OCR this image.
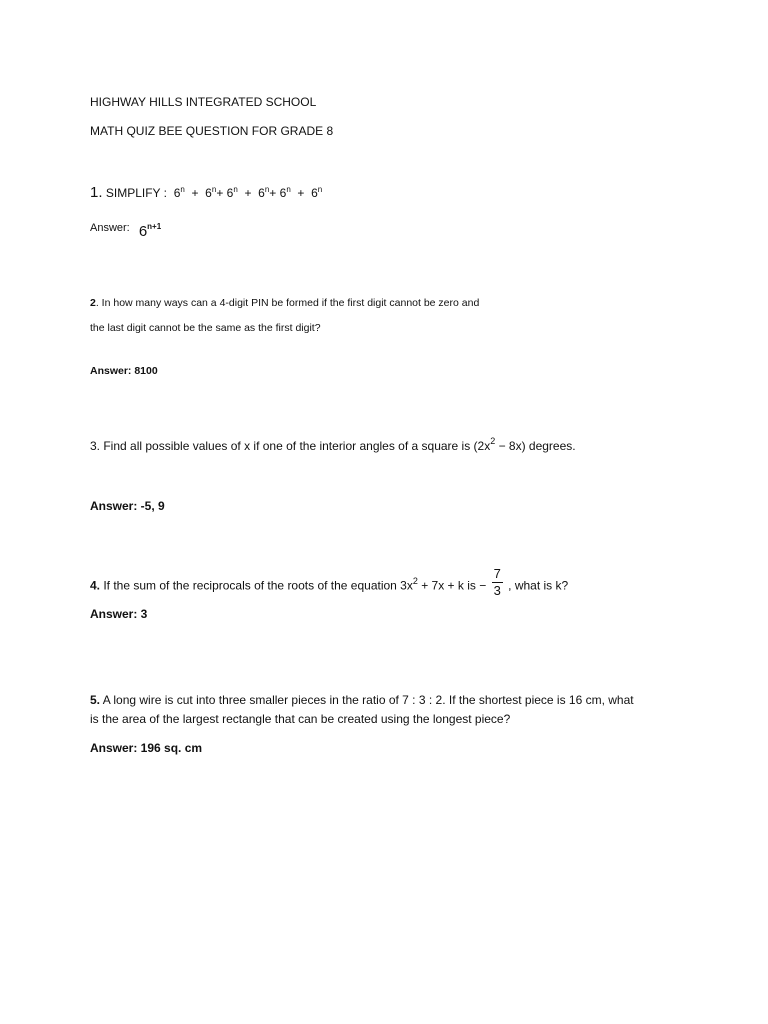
HIGHWAY HILLS INTEGRATED SCHOOL
MATH QUIZ BEE QUESTION FOR GRADE 8
1. SIMPLIFY : $6^n + 6^n+ 6^n + 6^n+ 6^n + 6^n$
Answer: $6^{n+1}$
2. In how many ways can a 4-digit PIN be formed if the first digit cannot be zero and
the last digit cannot be the same as the first digit?
Answer: 8100
3. Find all possible values of x if one of the interior angles of a square is $(2x^2 - 8x)$ degrees.
Answer: -5, 9
4. If the sum of the reciprocals of the roots of the equation $3x^2 + 7x + k$ is − $\frac{7}{3}$ , what is k?
Answer: 3
5. A long wire is cut into three smaller pieces in the ratio of 7 : 3 : 2. If the shortest piece is 16 cm, what
is the area of the largest rectangle that can be created using the longest piece?
Answer: 196 sq. cm
